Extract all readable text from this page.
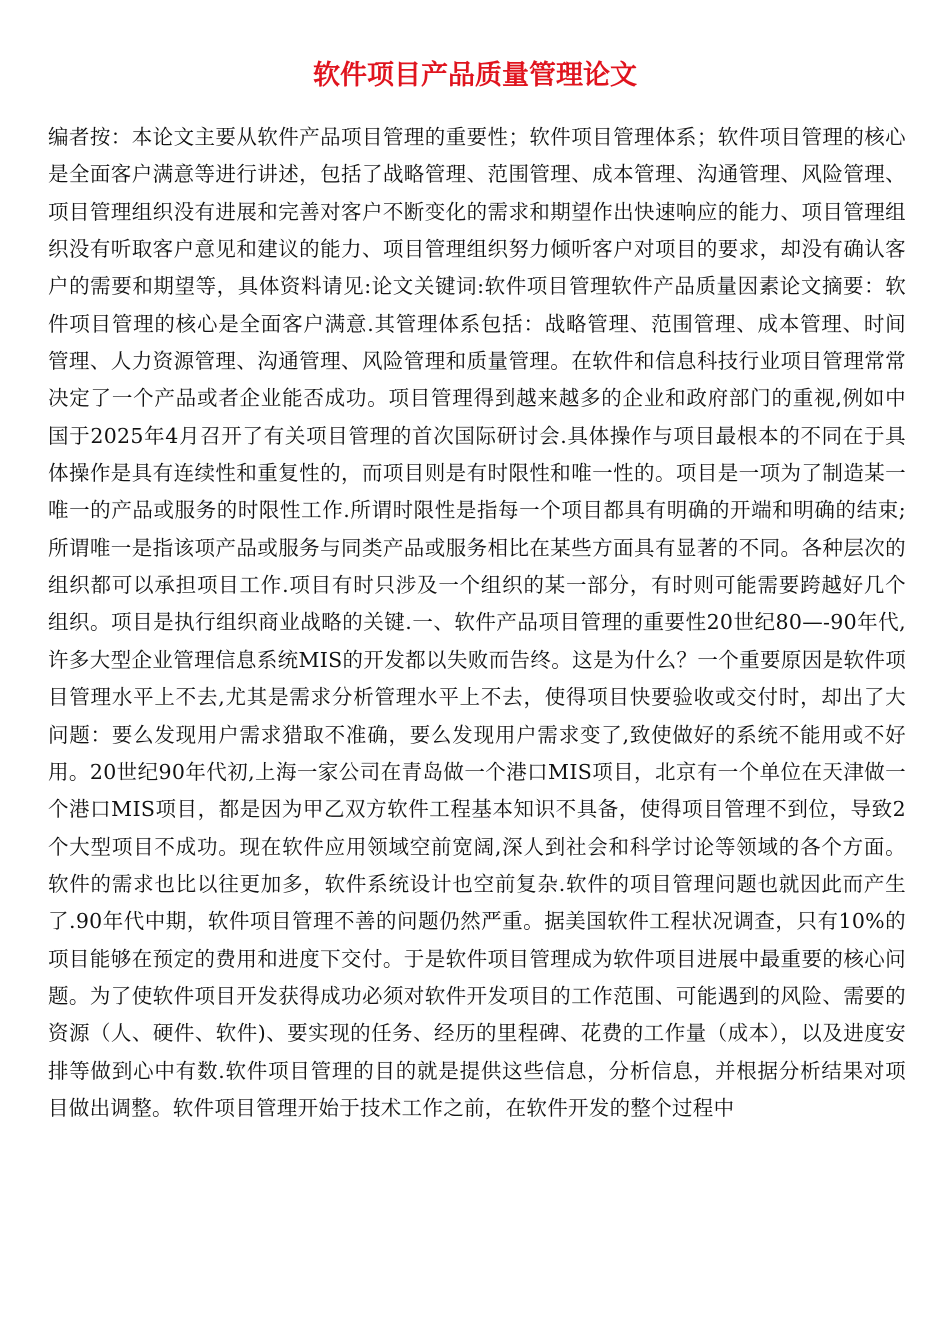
软件项目产品质量管理论文

编者按：本论文主要从软件产品项目管理的重要性；软件项目管理体系；软件项目管理的核心是全面客户满意等进行讲述，包括了战略管理、范围管理、成本管理、沟通管理、风险管理、项目管理组织没有进展和完善对客户不断变化的需求和期望作出快速响应的能力、项目管理组织没有听取客户意见和建议的能力、项目管理组织努力倾听客户对项目的要求，却没有确认客户的需要和期望等，具体资料请见:论文关键词:软件项目管理软件产品质量因素论文摘要：软件项目管理的核心是全面客户满意.其管理体系包括：战略管理、范围管理、成本管理、时间管理、人力资源管理、沟通管理、风险管理和质量管理。在软件和信息科技行业项目管理常常决定了一个产品或者企业能否成功。项目管理得到越来越多的企业和政府部门的重视,例如中国于2025年4月召开了有关项目管理的首次国际研讨会.具体操作与项目最根本的不同在于具体操作是具有连续性和重复性的，而项目则是有时限性和唯一性的。项目是一项为了制造某一唯一的产品或服务的时限性工作.所谓时限性是指每一个项目都具有明确的开端和明确的结束;所谓唯一是指该项产品或服务与同类产品或服务相比在某些方面具有显著的不同。各种层次的组织都可以承担项目工作.项目有时只涉及一个组织的某一部分，有时则可能需要跨越好几个组织。项目是执行组织商业战略的关键.一、软件产品项目管理的重要性20世纪80—-90年代,许多大型企业管理信息系统MIS的开发都以失败而告终。这是为什么？一个重要原因是软件项目管理水平上不去,尤其是需求分析管理水平上不去，使得项目快要验收或交付时，却出了大问题：要么发现用户需求猎取不准确，要么发现用户需求变了,致使做好的系统不能用或不好用。20世纪90年代初,上海一家公司在青岛做一个港口MIS项目，北京有一个单位在天津做一个港口MIS项目，都是因为甲乙双方软件工程基本知识不具备，使得项目管理不到位，导致2个大型项目不成功。现在软件应用领域空前宽阔,深人到社会和科学讨论等领域的各个方面。软件的需求也比以往更加多，软件系统设计也空前复杂.软件的项目管理问题也就因此而产生了.90年代中期，软件项目管理不善的问题仍然严重。据美国软件工程状况调查，只有10%的项目能够在预定的费用和进度下交付。于是软件项目管理成为软件项目进展中最重要的核心问题。为了使软件项目开发获得成功必须对软件开发项目的工作范围、可能遇到的风险、需要的资源（人、硬件、软件)、要实现的任务、经历的里程碑、花费的工作量（成本），以及进度安排等做到心中有数.软件项目管理的目的就是提供这些信息，分析信息，并根据分析结果对项目做出调整。软件项目管理开始于技术工作之前，在软件开发的整个过程中
